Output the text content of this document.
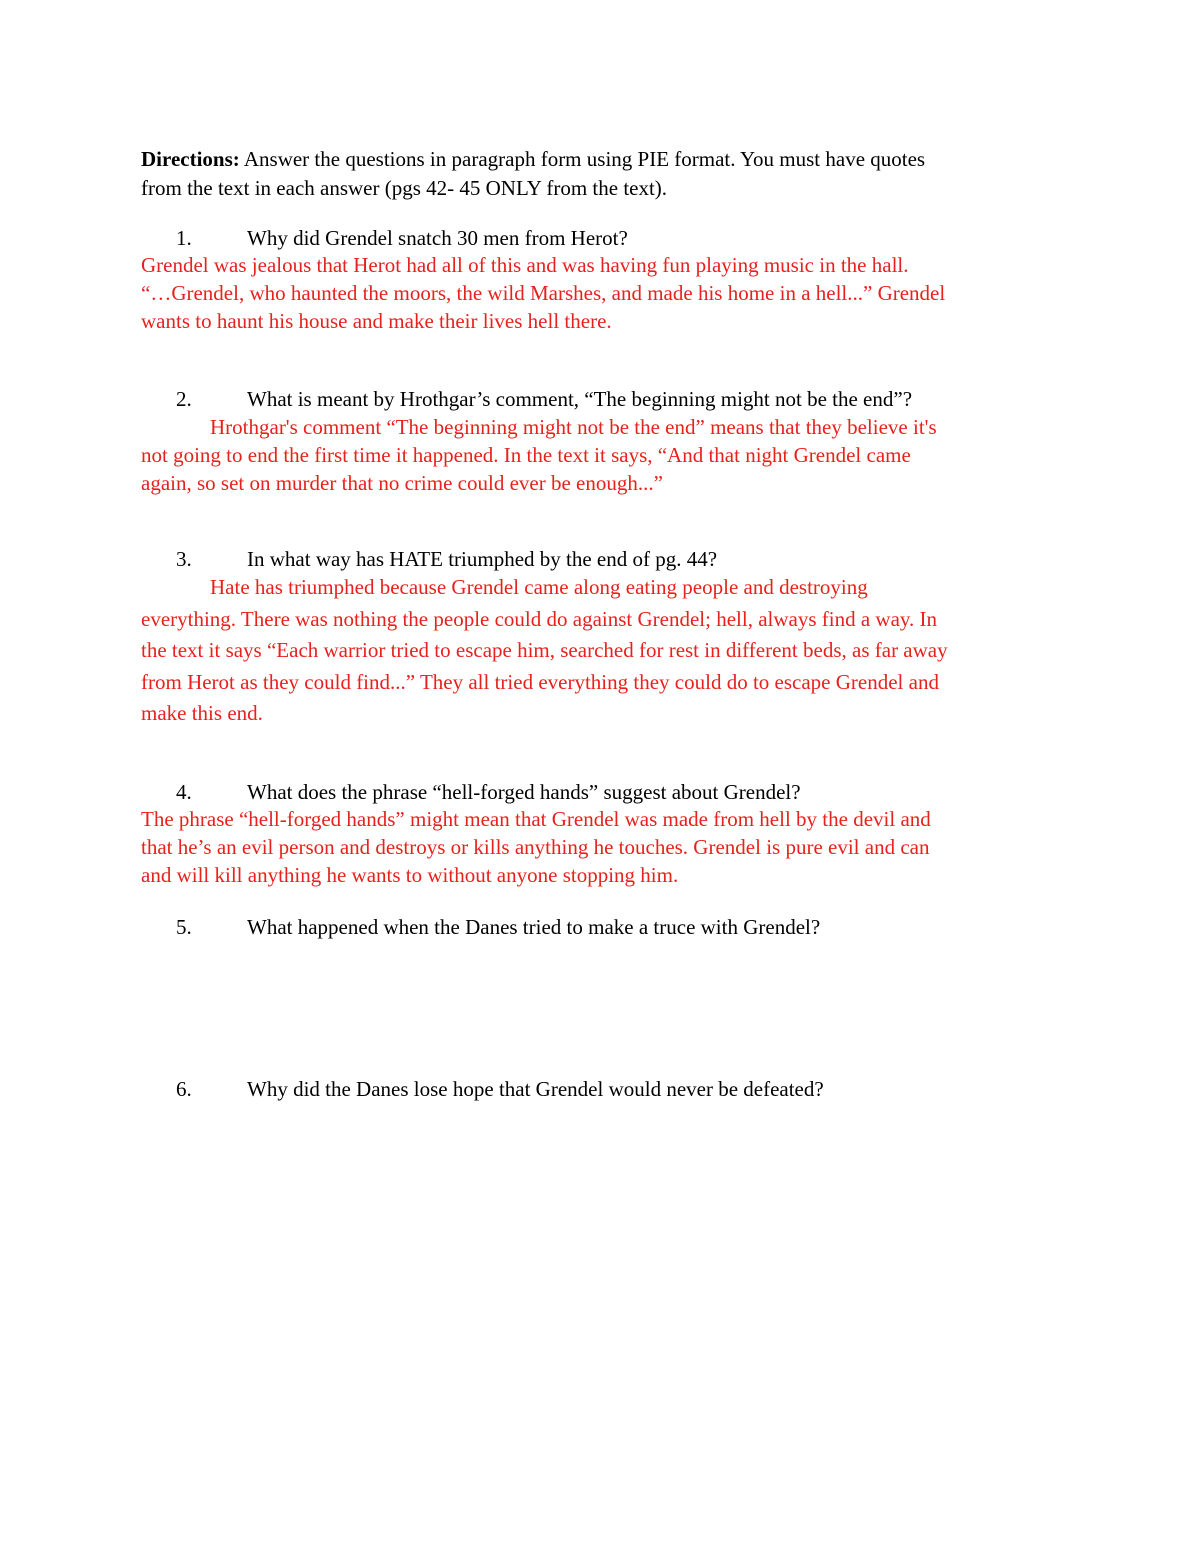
Directions: Answer the questions in paragraph form using PIE format. You must have quotes
from the text in each answer (pgs 42- 45 ONLY from the text).
1.	Why did Grendel snatch 30 men from Herot?
Grendel was jealous that Herot had all of this and was having fun playing music in the hall.
“…Grendel, who haunted the moors, the wild Marshes, and made his home in a hell...” Grendel
wants to haunt his house and make their lives hell there.
2.	What is meant by Hrothgar’s comment, “The beginning might not be the end”?
Hrothgar's comment “The beginning might not be the end” means that they believe it's
not going to end the first time it happened. In the text it says, “And that night Grendel came
again, so set on murder that no crime could ever be enough...”
3.	In what way has HATE triumphed by the end of pg. 44?
Hate has triumphed because Grendel came along eating people and destroying
everything. There was nothing the people could do against Grendel; hell, always find a way. In
the text it says “Each warrior tried to escape him, searched for rest in different beds, as far away
from Herot as they could find...” They all tried everything they could do to escape Grendel and
make this end.
4.	What does the phrase “hell-forged hands” suggest about Grendel?
The phrase “hell-forged hands” might mean that Grendel was made from hell by the devil and
that he’s an evil person and destroys or kills anything he touches. Grendel is pure evil and can
and will kill anything he wants to without anyone stopping him.
5.	What happened when the Danes tried to make a truce with Grendel?
6.	Why did the Danes lose hope that Grendel would never be defeated?
